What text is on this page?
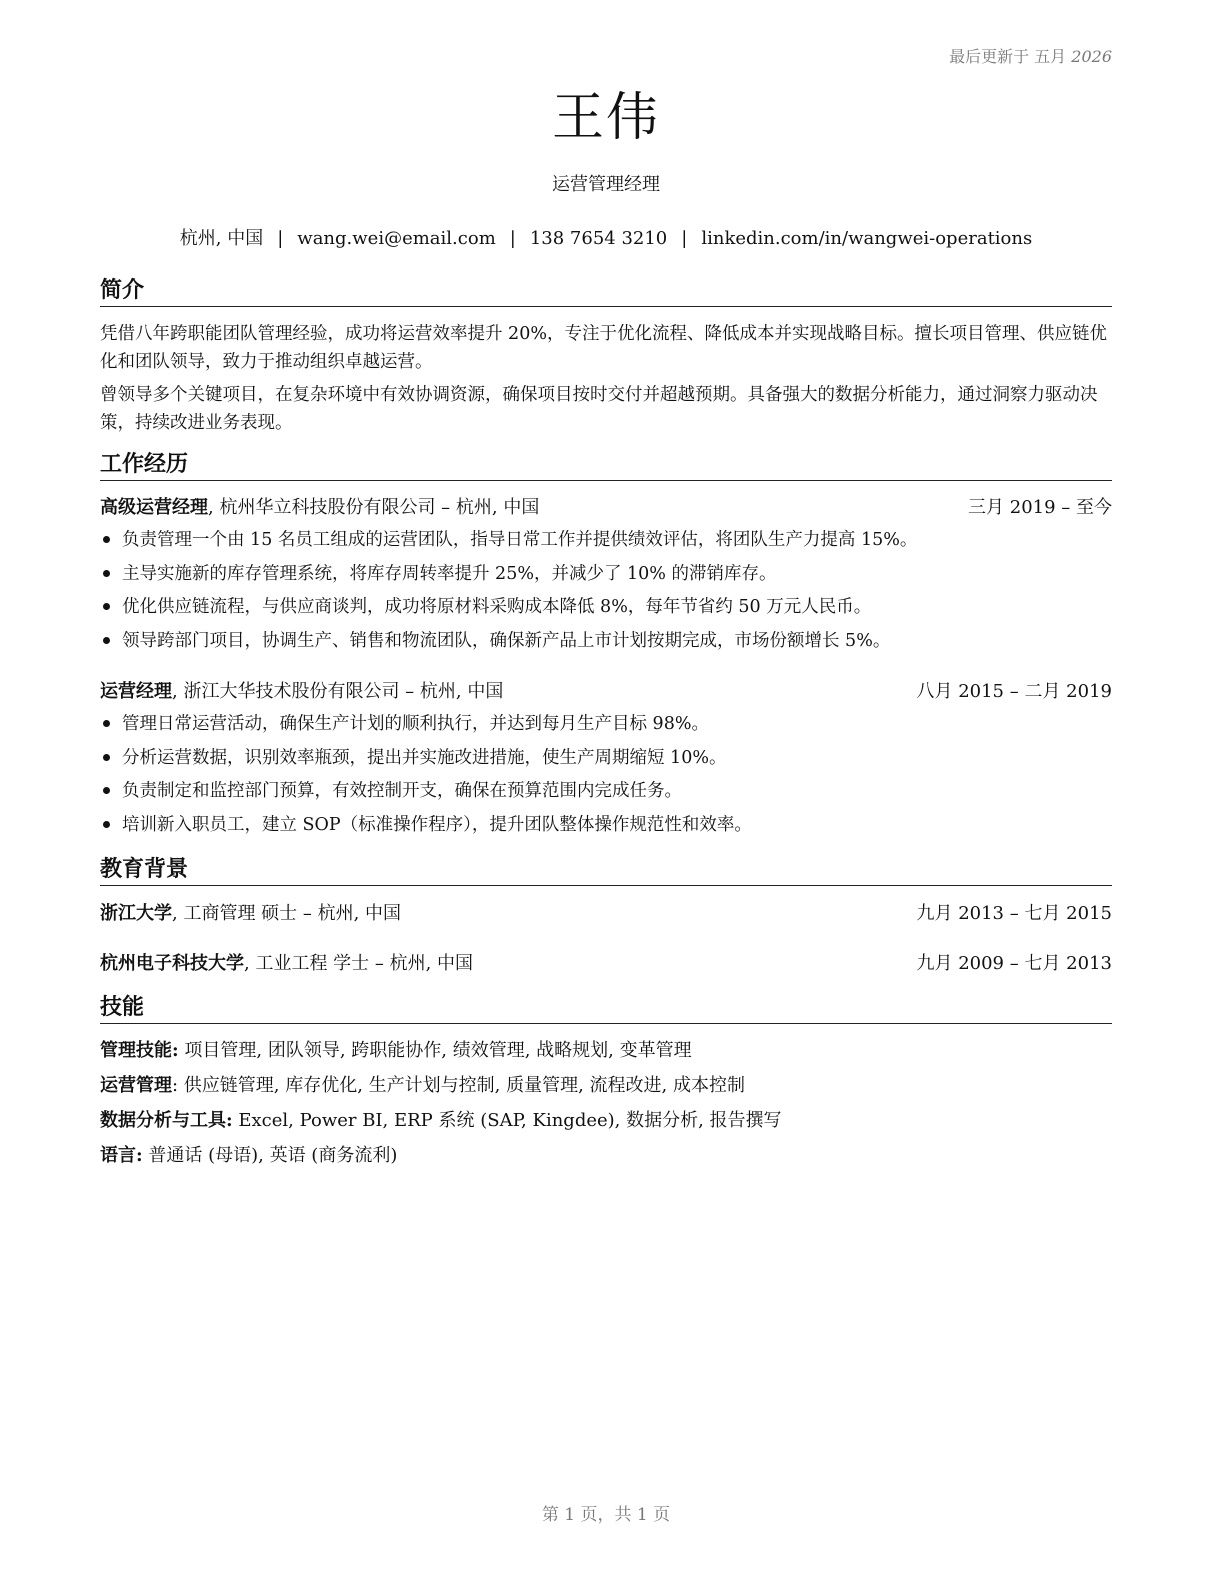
最后更新于 五月 2026
王伟
运营管理经理
杭州, 中国 | wang.wei@email.com | 138 7654 3210 | linkedin.com/in/wangwei-operations
简介

凭借八年跨职能团队管理经验，成功将运营效率提升 20%，专注于优化流程、降低成本并实现战略目标。擅长项目管理、供应链优化和团队领导，致力于推动组织卓越运营。

曾领导多个关键项目，在复杂环境中有效协调资源，确保项目按时交付并超越预期。具备强大的数据分析能力，通过洞察力驱动决策，持续改进业务表现。

工作经历
高级运营经理, 杭州华立科技股份有限公司 – 杭州, 中国	三月 2019 – 至今
负责管理一个由 15 名员工组成的运营团队，指导日常工作并提供绩效评估，将团队生产力提高 15%。
主导实施新的库存管理系统，将库存周转率提升 25%，并减少了 10% 的滞销库存。
优化供应链流程，与供应商谈判，成功将原材料采购成本降低 8%，每年节省约 50 万元人民币。
领导跨部门项目，协调生产、销售和物流团队，确保新产品上市计划按期完成，市场份额增长 5%。
运营经理, 浙江大华技术股份有限公司 – 杭州, 中国	八月 2015 – 二月 2019
管理日常运营活动，确保生产计划的顺利执行，并达到每月生产目标 98%。
分析运营数据，识别效率瓶颈，提出并实施改进措施，使生产周期缩短 10%。
负责制定和监控部门预算，有效控制开支，确保在预算范围内完成任务。
培训新入职员工，建立 SOP（标准操作程序），提升团队整体操作规范性和效率。
教育背景
浙江大学, 工商管理 硕士 – 杭州, 中国	九月 2013 – 七月 2015
杭州电子科技大学, 工业工程 学士 – 杭州, 中国	九月 2009 – 七月 2013
技能
管理技能: 项目管理, 团队领导, 跨职能协作, 绩效管理, 战略规划, 变革管理
运营管理: 供应链管理, 库存优化, 生产计划与控制, 质量管理, 流程改进, 成本控制
数据分析与工具: Excel, Power BI, ERP 系统 (SAP, Kingdee), 数据分析, 报告撰写
语言: 普通话 (母语), 英语 (商务流利)
第 1 页，共 1 页
